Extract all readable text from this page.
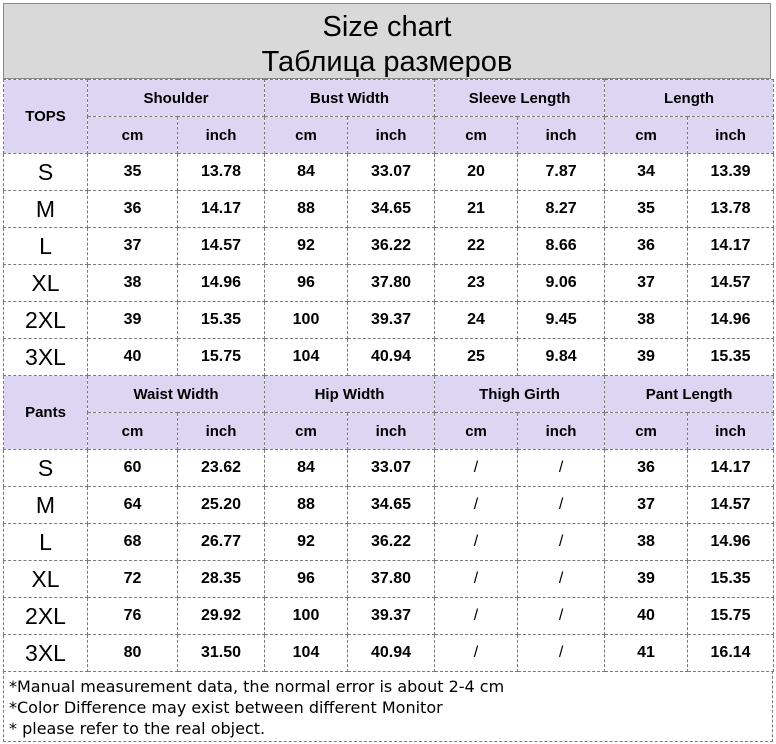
Size chart
Таблица размеров
TOPS	Shoulder		Bust Width		Sleeve Length		Length	
	cm	inch	cm	inch	cm	inch	cm	inch
S	35	13.78	84	33.07	20	7.87	34	13.39
M	36	14.17	88	34.65	21	8.27	35	13.78
L	37	14.57	92	36.22	22	8.66	36	14.17
XL	38	14.96	96	37.80	23	9.06	37	14.57
2XL	39	15.35	100	39.37	24	9.45	38	14.96
3XL	40	15.75	104	40.94	25	9.84	39	15.35
Pants	Waist Width		Hip Width		Thigh Girth		Pant Length	
	cm	inch	cm	inch	cm	inch	cm	inch
S	60	23.62	84	33.07	/	/	36	14.17
M	64	25.20	88	34.65	/	/	37	14.57
L	68	26.77	92	36.22	/	/	38	14.96
XL	72	28.35	96	37.80	/	/	39	15.35
2XL	76	29.92	100	39.37	/	/	40	15.75
3XL	80	31.50	104	40.94	/	/	41	16.14
*Manual measurement data, the normal error is about 2-4 cm
*Color Difference may exist between different Monitor
* please refer to the real object.
